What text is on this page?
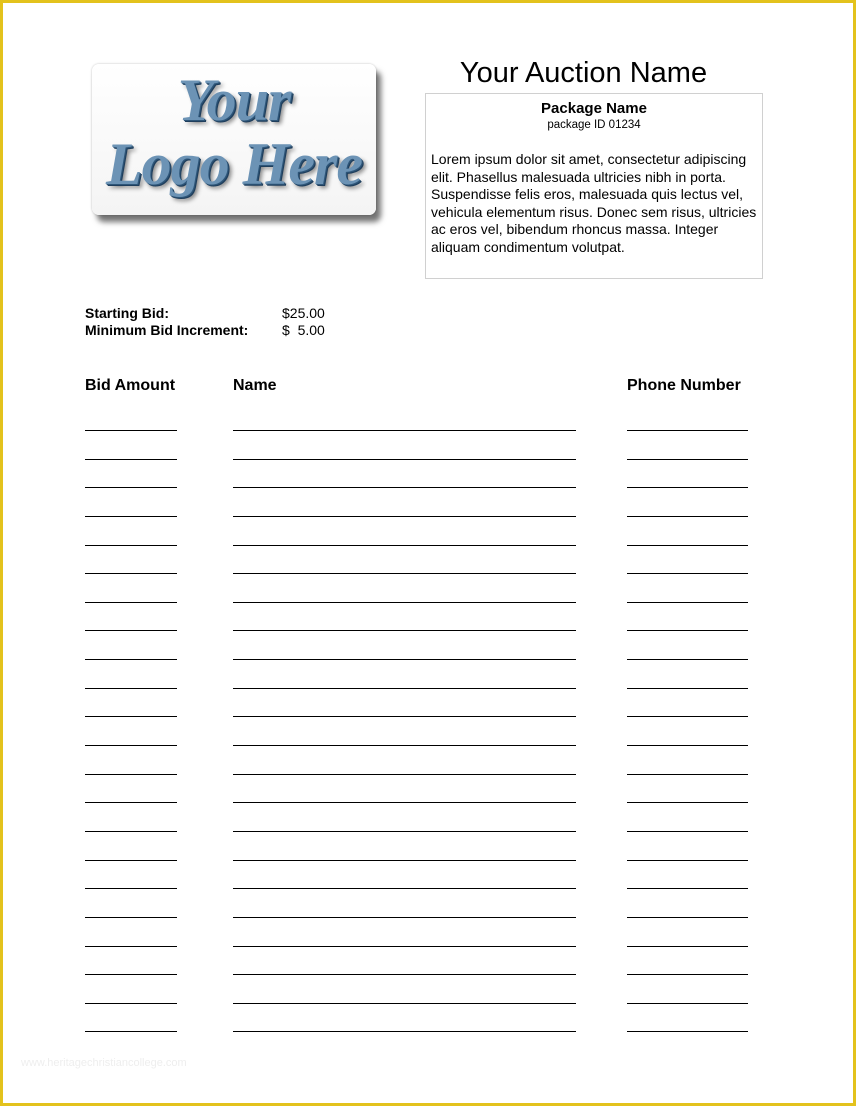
Your
Logo Here
Your Auction Name
Package Name
package ID 01234
Lorem ipsum dolor sit amet, consectetur adipiscing elit. Phasellus malesuada ultricies nibh in porta. Suspendisse felis eros, malesuada quis lectus vel, vehicula elementum risus. Donec sem risus, ultricies ac eros vel, bibendum rhoncus massa. Integer aliquam condimentum volutpat.
Starting Bid:	$25.00
Minimum Bid Increment: $  5.00
Bid Amount	Name	Phone Number
www.heritagechristiancollege.com
